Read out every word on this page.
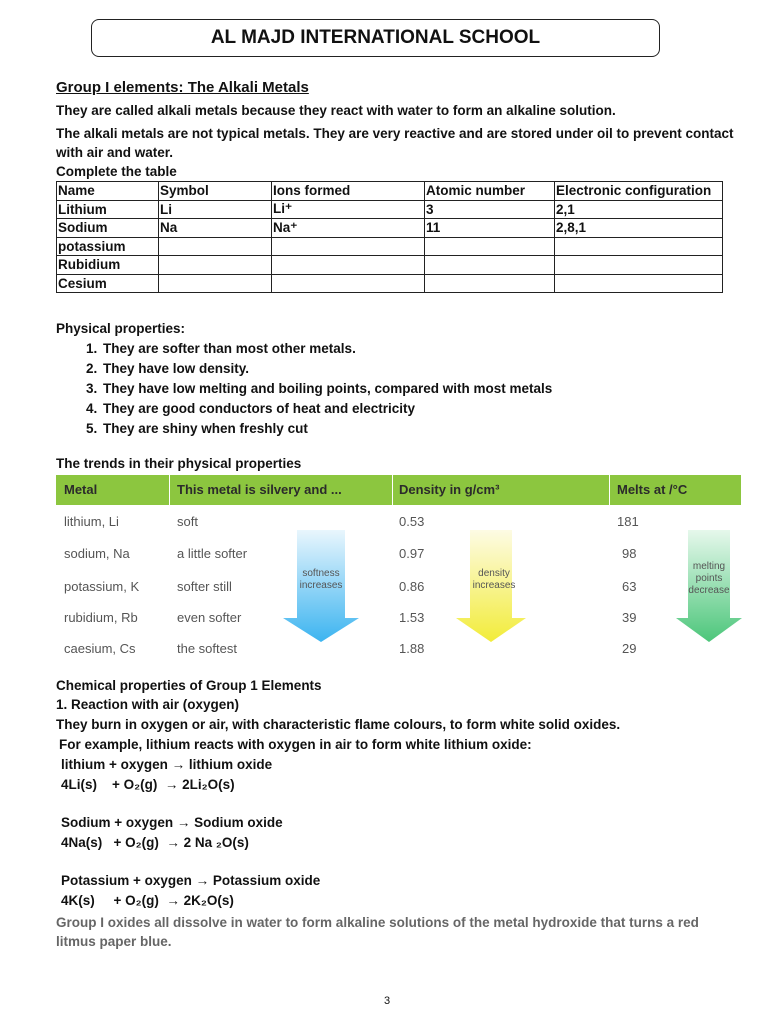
AL MAJD INTERNATIONAL SCHOOL
Group I elements: The Alkali Metals
They are called alkali metals because they react with water to form an alkaline solution.
The alkali metals are not typical metals. They are very reactive and are stored under oil to prevent contact
with air and water.
Complete the table
Name	Symbol	Ions formed	Atomic number	Electronic configuration
Lithium	Li	Li⁺	3	2,1
Sodium	Na	Na⁺	11	2,8,1
potassium				
Rubidium				
Cesium				
Physical properties:
1. They are softer than most other metals.
2. They have low density.
3. They have low melting and boiling points, compared with most metals
4. They are good conductors of heat and electricity
5. They are shiny when freshly cut
The trends in their physical properties
Metal	This metal is silvery and ...	Density in g/cm³	Melts at /°C
softness
increases
density
increases
melting
points
decrease
lithium, Li	soft	0.53	181
sodium, Na	a little softer	0.97	98
potassium, K	softer still	0.86	63
rubidium, Rb	even softer	1.53	39
caesium, Cs	the softest	1.88	29
Chemical properties of Group 1 Elements
1. Reaction with air (oxygen)
They burn in oxygen or air, with characteristic flame colours, to form white solid oxides.
For example, lithium reacts with oxygen in air to form white lithium oxide:
lithium + oxygen → lithium oxide
4Li(s)    + O₂(g)  → 2Li₂O(s)
Sodium + oxygen → Sodium oxide
4Na(s)   + O₂(g)  → 2 Na ₂O(s)
Potassium + oxygen → Potassium oxide
4K(s)     + O₂(g)  → 2K₂O(s)
Group I oxides all dissolve in water to form alkaline solutions of the metal hydroxide that turns a red
litmus paper blue.
3
